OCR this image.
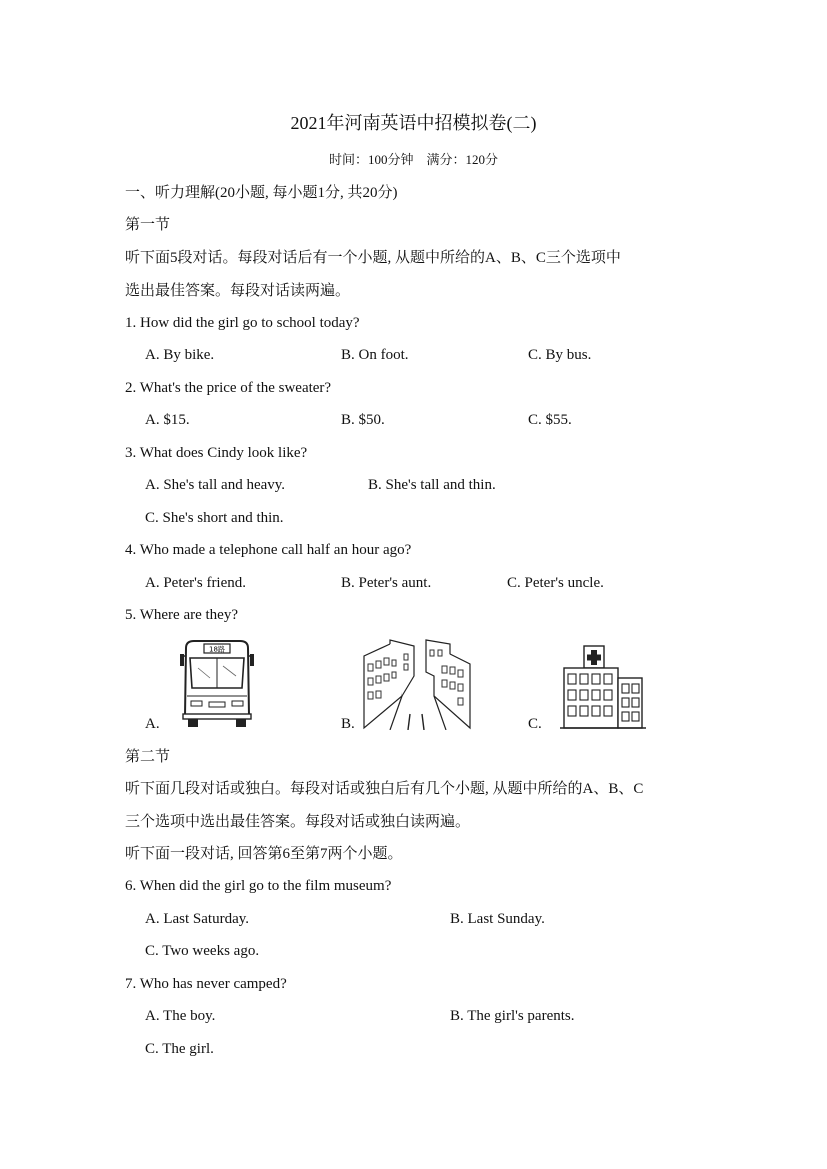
2021年河南英语中招模拟卷(二)
时间：100分钟　满分：120分
一、听力理解(20小题, 每小题1分, 共20分)
第一节
听下面5段对话。每段对话后有一个小题, 从题中所给的A、B、C三个选项中
选出最佳答案。每段对话读两遍。
1. How did the girl go to school today?
A. By bike.	B. On foot.	C. By bus.
2. What's the price of the sweater?
A. $15.	B. $50.	C. $55.
3. What does Cindy look like?
A. She's tall and heavy.	B. She's tall and thin.
C. She's short and thin.
4. Who made a telephone call half an hour ago?
A. Peter's friend.	B. Peter's aunt.	C. Peter's uncle.
5. Where are they?
A.	B.	C.
18路
第二节
听下面几段对话或独白。每段对话或独白后有几个小题, 从题中所给的A、B、C
三个选项中选出最佳答案。每段对话或独白读两遍。
听下面一段对话, 回答第6至第7两个小题。
6. When did the girl go to the film museum?
A. Last Saturday.	B. Last Sunday.
C. Two weeks ago.
7. Who has never camped?
A. The boy.	B. The girl's parents.
C. The girl.
